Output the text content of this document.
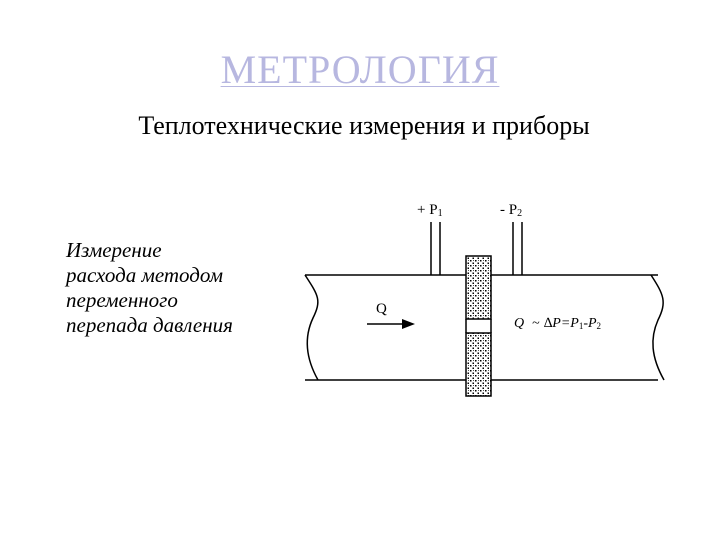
МЕТРОЛОГИЯ
Теплотехнические измерения и приборы
Измерение
расхода методом
переменного
перепада давления
+ P1	- P2
Q
Q ~ ∆P=P1-P2
